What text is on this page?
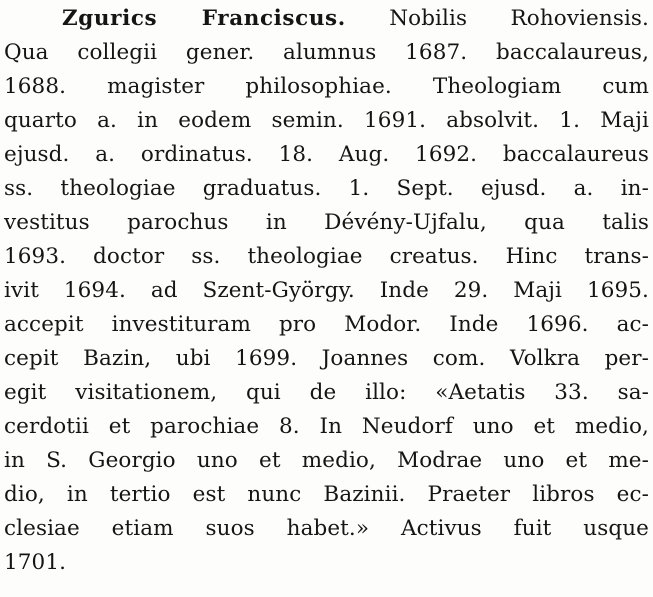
Zgurics Franciscus. Nobilis Rohoviensis.
Qua collegii gener. alumnus 1687. baccalaureus,
1688. magister philosophiae. Theologiam cum
quarto a. in eodem semin. 1691. absolvit. 1. Maji
ejusd. a. ordinatus. 18. Aug. 1692. baccalaureus
ss. theologiae graduatus. 1. Sept. ejusd. a. in-
vestitus parochus in Dévény-Ujfalu, qua talis
1693. doctor ss. theologiae creatus. Hinc trans-
ivit 1694. ad Szent-György. Inde 29. Maji 1695.
accepit investituram pro Modor. Inde 1696. ac-
cepit Bazin, ubi 1699. Joannes com. Volkra per-
egit visitationem, qui de illo: «Aetatis 33. sa-
cerdotii et parochiae 8. In Neudorf uno et medio,
in S. Georgio uno et medio, Modrae uno et me-
dio, in tertio est nunc Bazinii. Praeter libros ec-
clesiae etiam suos habet.» Activus fuit usque
1701.
